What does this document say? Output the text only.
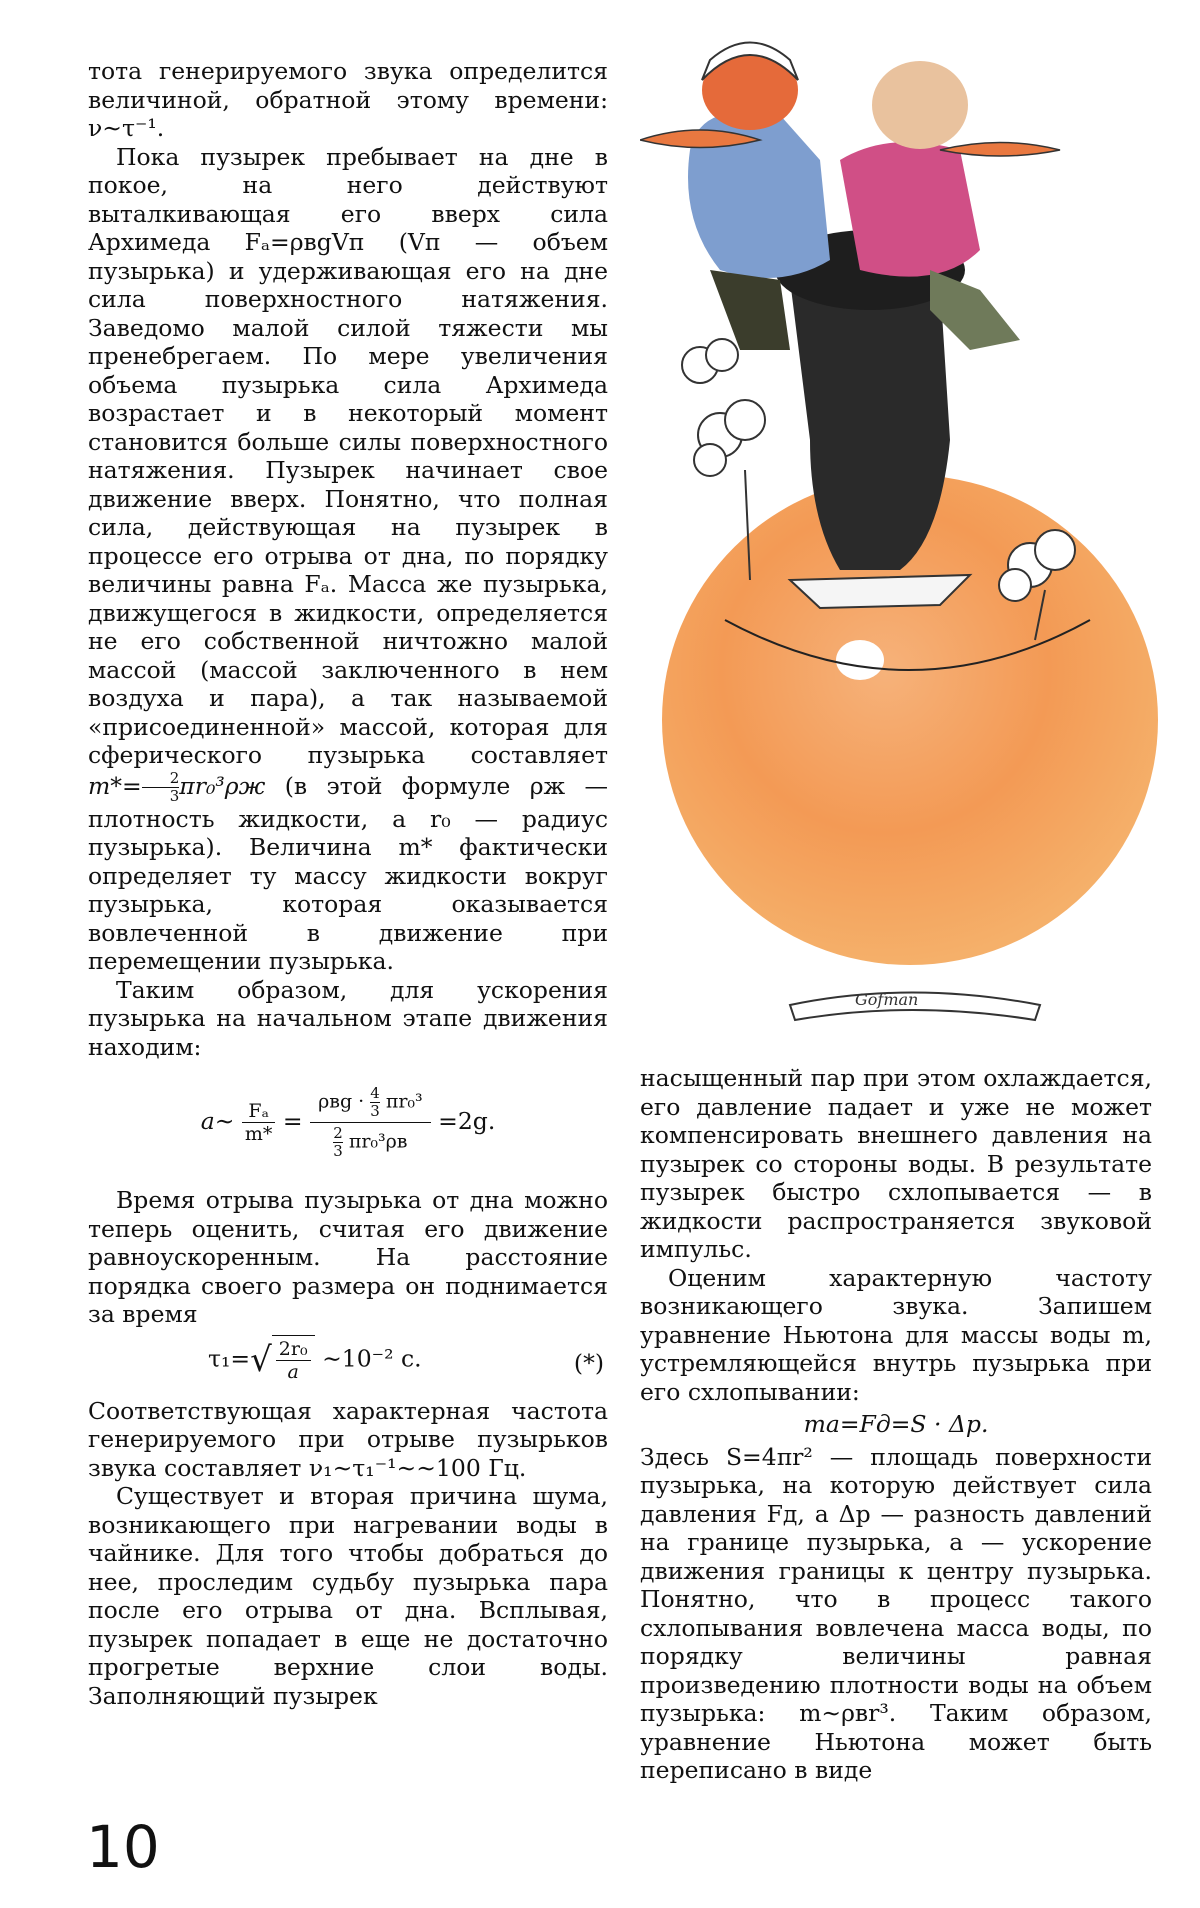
тота генерируемого звука определится величиной, обратной этому времени: ν∼τ⁻¹.

Пока пузырек пребывает на дне в покое, на него действуют выталкивающая его вверх сила Архимеда Fₐ=ρвgVп (Vп — объем пузырька) и удерживающая его на дне сила поверхностного натяжения. Заведомо малой силой тяжести мы пренебрегаем. По мере увеличения объема пузырька сила Архимеда возрастает и в некоторый момент становится больше силы поверхностного натяжения. Пузырек начинает свое движение вверх. Понятно, что полная сила, действующая на пузырек в процессе его отрыва от дна, по порядку величины равна Fₐ. Масса же пузырька, движущегося в жидкости, определяется не его собственной ничтожно малой массой (массой заключенного в нем воздуха и пара), а так называемой «присоединенной» массой, которая для сферического пузырька составляет $m*= \frac{2}{3} \pi r_0^3\rho ж$ (в этой формуле ρж — плотность жидкости, а r₀ — радиус пузырька). Величина m* фактически определяет ту массу жидкости вокруг пузырька, которая оказывается вовлеченной в движение при перемещении пузырька.

Таким образом, для ускорения пузырька на начальном этапе движения находим:

a∼ $\frac{\text{Fₐ}}{m*} = \frac{\rho вg \cdot \frac{4}{3} \pi r_0^3}{\frac{2}{3} \pi r_0^3\rho в} =2g$.

Время отрыва пузырька от дна можно теперь оценить, считая его движение равноускоренным. На расстояние порядка своего размера он поднимается за время

$\tau_1=√ \frac{\text{2r₀}}{a}$ ∼10⁻² с.	(*)

Соответствующая характерная частота генерируемого при отрыве пузырьков звука составляет ν₁∼τ₁⁻¹∼∼100 Гц.

Существует и вторая причина шума, возникающего при нагревании воды в чайнике. Для того чтобы добраться до нее, проследим судьбу пузырька пара после его отрыва от дна. Всплывая, пузырек попадает в еще не достаточно прогретые верхние слои воды. Заполняющий пузырек

насыщенный пар при этом охлаждается, его давление падает и уже не может компенсировать внешнего давления на пузырек со стороны воды. В результате пузырек быстро схлопывается — в жидкости распространяется звуковой импульс.

Оценим характерную частоту возникающего звука. Запишем уравнение Ньютона для массы воды m, устремляющейся внутрь пузырька при его схлопывании:

ma=Fд=S · Δp.

Здесь S=4πr² — площадь поверхности пузырька, на которую действует сила давления Fд, а Δp — разность давлений на границе пузырька, a — ускорение движения границы к центру пузырька. Понятно, что в процесс такого схлопывания вовлечена масса воды, по порядку величины равная произведению плотности воды на объем пузырька: m∼ρвr³. Таким образом, уравнение Ньютона может быть переписано в виде

Gofman
10
